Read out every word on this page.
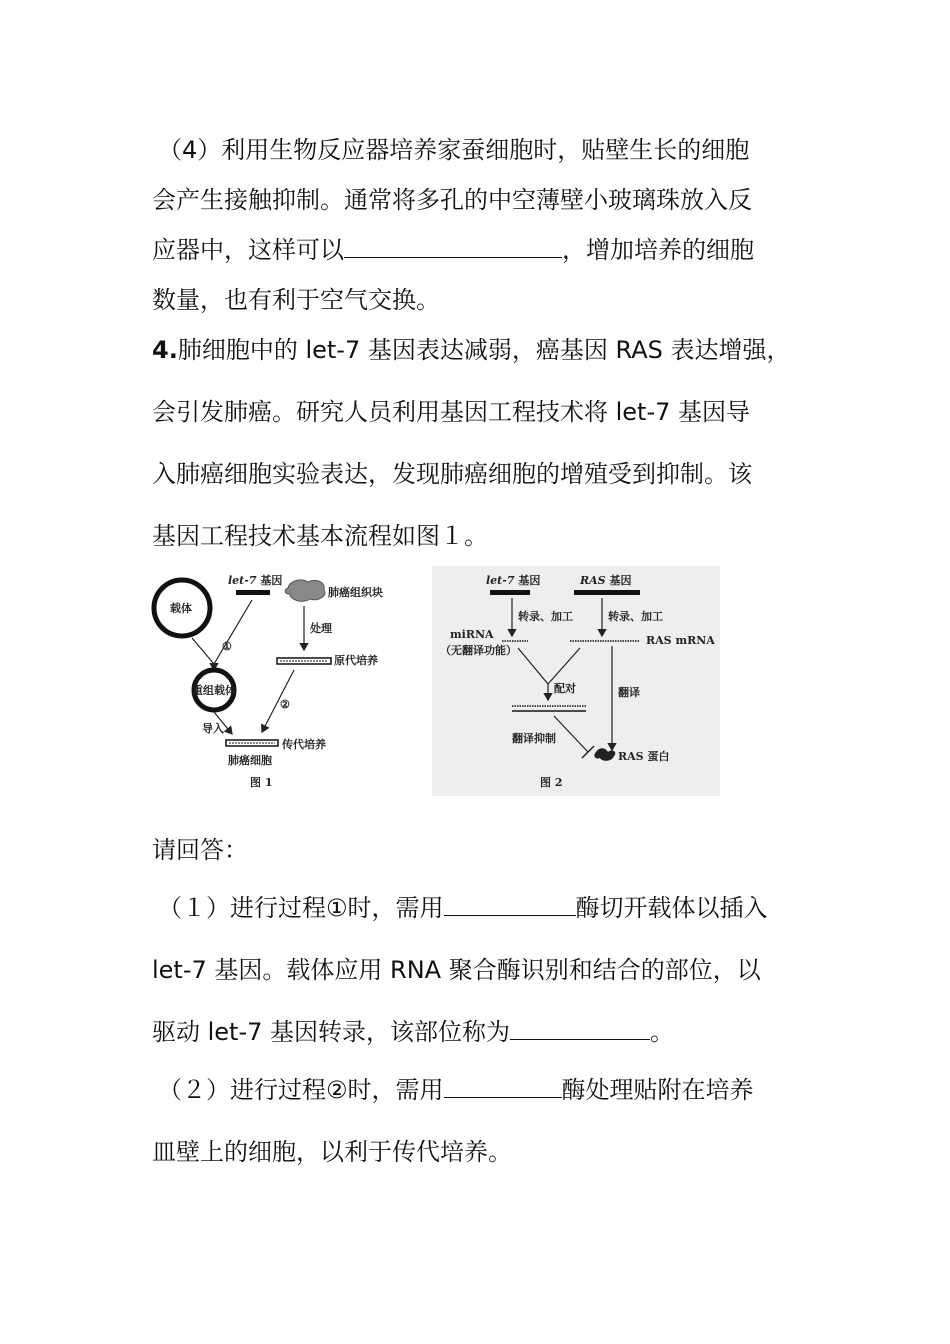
（4）利用生物反应器培养家蚕细胞时，贴壁生长的细胞
会产生接触抑制。通常将多孔的中空薄壁小玻璃珠放入反
应器中，这样可以	，增加培养的细胞
数量，也有利于空气交换。
4.肺细胞中的 let-7 基因表达减弱，癌基因 RAS 表达增强，
会引发肺癌。研究人员利用基因工程技术将 let-7 基因导
入肺癌细胞实验表达，发现肺癌细胞的增殖受到抑制。该
基因工程技术基本流程如图１。
载体
let-7 基因
肺癌组织块
处理
原代培养
①
重组载体
导入
②
传代培养
肺癌细胞
图 1
let-7 基因	RAS 基因
转录、加工	转录、加工
miRNA
（无翻译功能）
RAS mRNA
配对	翻译
翻译抑制
RAS 蛋白
图 2
请回答：
（１）进行过程①时，需用	酶切开载体以插入
let-7 基因。载体应用 RNA 聚合酶识别和结合的部位，以
驱动 let-7 基因转录，该部位称为	。
（２）进行过程②时，需用	酶处理贴附在培养
皿壁上的细胞，以利于传代培养。
